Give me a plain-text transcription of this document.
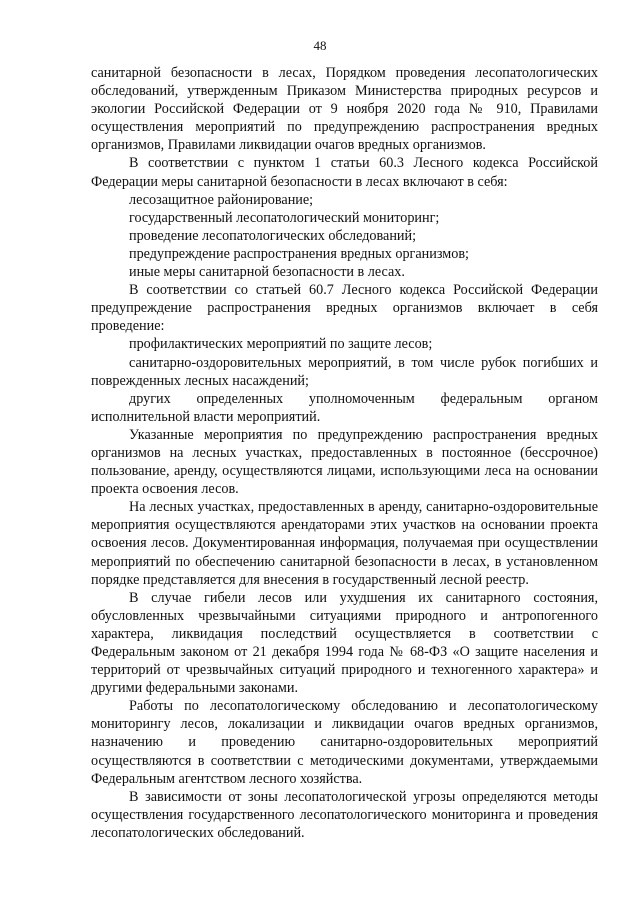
48

санитарной безопасности в лесах, Порядком проведения лесопатологических обследований, утвержденным Приказом Министерства природных ресурсов и экологии Российской Федерации от 9 ноября 2020 года № 910, Правилами осуществления мероприятий по предупреждению распространения вредных организмов, Правилами ликвидации очагов вредных организмов.

В соответствии с пунктом 1 статьи 60.3 Лесного кодекса Российской Федерации меры санитарной безопасности в лесах включают в себя:

лесозащитное районирование;

государственный лесопатологический мониторинг;

проведение лесопатологических обследований;

предупреждение распространения вредных организмов;

иные меры санитарной безопасности в лесах.

В соответствии со статьей 60.7 Лесного кодекса Российской Федерации предупреждение распространения вредных организмов включает в себя проведение:

профилактических мероприятий по защите лесов;

санитарно-оздоровительных мероприятий, в том числе рубок погибших и поврежденных лесных насаждений;

других определенных уполномоченным федеральным органом исполнительной власти мероприятий.

Указанные мероприятия по предупреждению распространения вредных организмов на лесных участках, предоставленных в постоянное (бессрочное) пользование, аренду, осуществляются лицами, использующими леса на основании проекта освоения лесов.

На лесных участках, предоставленных в аренду, санитарно-оздоровительные мероприятия осуществляются арендаторами этих участков на основании проекта освоения лесов. Документированная информация, получаемая при осуществлении мероприятий по обеспечению санитарной безопасности в лесах, в установленном порядке представляется для внесения в государственный лесной реестр.

В случае гибели лесов или ухудшения их санитарного состояния, обусловленных чрезвычайными ситуациями природного и антропогенного характера, ликвидация последствий осуществляется в соответствии с Федеральным законом от 21 декабря 1994 года № 68-ФЗ «О защите населения и территорий от чрезвычайных ситуаций природного и техногенного характера» и другими федеральными законами.

Работы по лесопатологическому обследованию и лесопатологическому мониторингу лесов, локализации и ликвидации очагов вредных организмов, назначению и проведению санитарно-оздоровительных мероприятий осуществляются в соответствии с методическими документами, утверждаемыми Федеральным агентством лесного хозяйства.

В зависимости от зоны лесопатологической угрозы определяются методы осуществления государственного лесопатологического мониторинга и проведения лесопатологических обследований.
